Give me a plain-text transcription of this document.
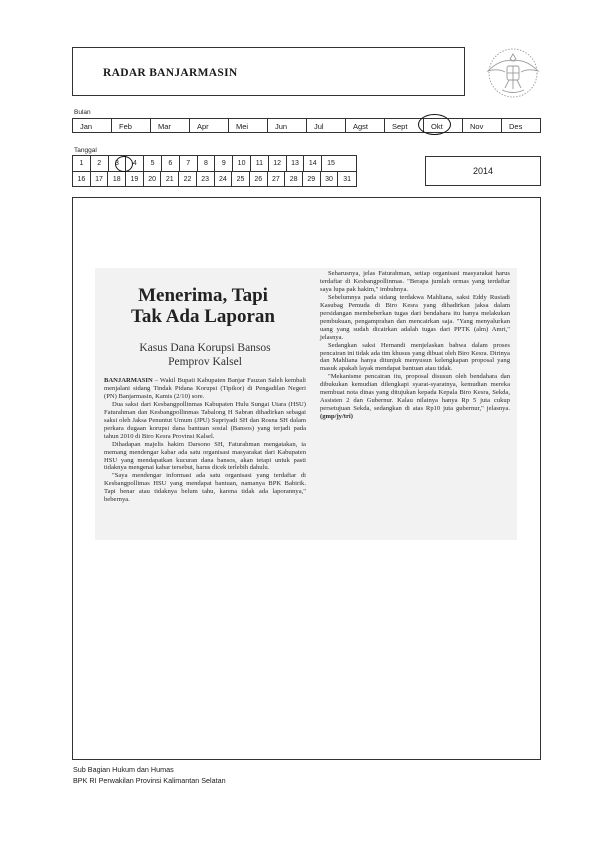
RADAR BANJARMASIN
Bulan
Jan	Feb	Mar	Apr	Mei	Jun	Jul	Agst	Sept	Okt	Nov	Des
Tanggal
1	2	3	4	5	6	7	8	9	10	11	12	13	14	15
16	17	18	19	20	21	22	23	24	25	26	27	28	29	30	31
2014
Menerima, Tapi
Tak Ada Laporan
Kasus Dana Korupsi Bansos
Pemprov Kalsel

BANJARMASIN – Wakil Bupati Kabupaten Banjar Fauzan Saleh kembali menjalani sidang Tindak Pidana Korupsi (Tipikor) di Pengadilan Negeri (PN) Banjarmasin, Kamis (2/10) sore.

Dua saksi dari Kesbangpollinmas Kabupaten Hulu Sungai Utara (HSU) Faturahman dan Kesbangpollinmas Tabalong H Sabran dihadirkan sebagai saksi oleh Jaksa Penuntut Umum (JPU) Supriyadi SH dan Rosna SH dalam perkara dugaan korupsi dana bantuan sosial (Bansos) yang terjadi pada tahun 2010 di Biro Kesra Provinsi Kalsel.

Dihadapan majelis hakim Darsono SH, Faturahman mengatakan, ia memang mendengar kabar ada satu organisasi masyarakat dari Kabupaten HSU yang mendapatkan kucuran dana bansos, akan tetapi untuk pasti tidaknya mengenai kabar tersebut, harus dicek terlebih dahulu.

"Saya mendengar informasi ada satu organisasi yang terdaftar di Kesbangpollimas HSU yang mendapat bantuan, namanya BPK Babirik. Tapi benar atau tidaknya belum tahu, karena tidak ada laporannya," bebernya.

Seharusnya, jelas Faturahman, setiap organisasi masyarakat harus terdaftar di Kesbangpollinmas. "Berapa jumlah ormas yang terdaftar saya lupa pak hakim," imbuhnya.

Sebelumnya pada sidang terdakwa Mahliana, saksi Eddy Rusiadi Kasubag Pemuda di Biro Kesra yang dihadirkan jaksa dalam persidangan membeberkan tugas dari bendahara itu hanya melakukan pembukuan, pengamprahan dan mencairkan saja. "Yang menyalurkan uang yang sudah dicairkan adalah tugas dari PPTK (alm) Amri," jelasnya.

Sedangkan saksi Hernandi menjelaskan bahwa dalam proses pencairan ini tidak ada tim khusus yang dibuat oleh Biro Kesra. Dirinya dan Mahliana hanya ditunjuk menyusun kelengkapan proposal yang masuk apakah layak mendapat bantuan atau tidak.

"Mekanisme pencairan itu, proposal disusun oleh bendahara dan dibukukan kemudian dilengkapi syarat-syaratnya, kemudian mereka membuat nota dinas yang ditujukan kepada Kepala Biro Kesra, Sekda, Assisten 2 dan Gubernur. Kalau nilainya hanya Rp 5 juta cukup persetujuan Sekda, sedangkan di atas Rp10 juta gubernur," jelasnya. (gmp/jy/tri)

Sub Bagian Hukum dan Humas
BPK RI Perwakilan Provinsi Kalimantan Selatan
